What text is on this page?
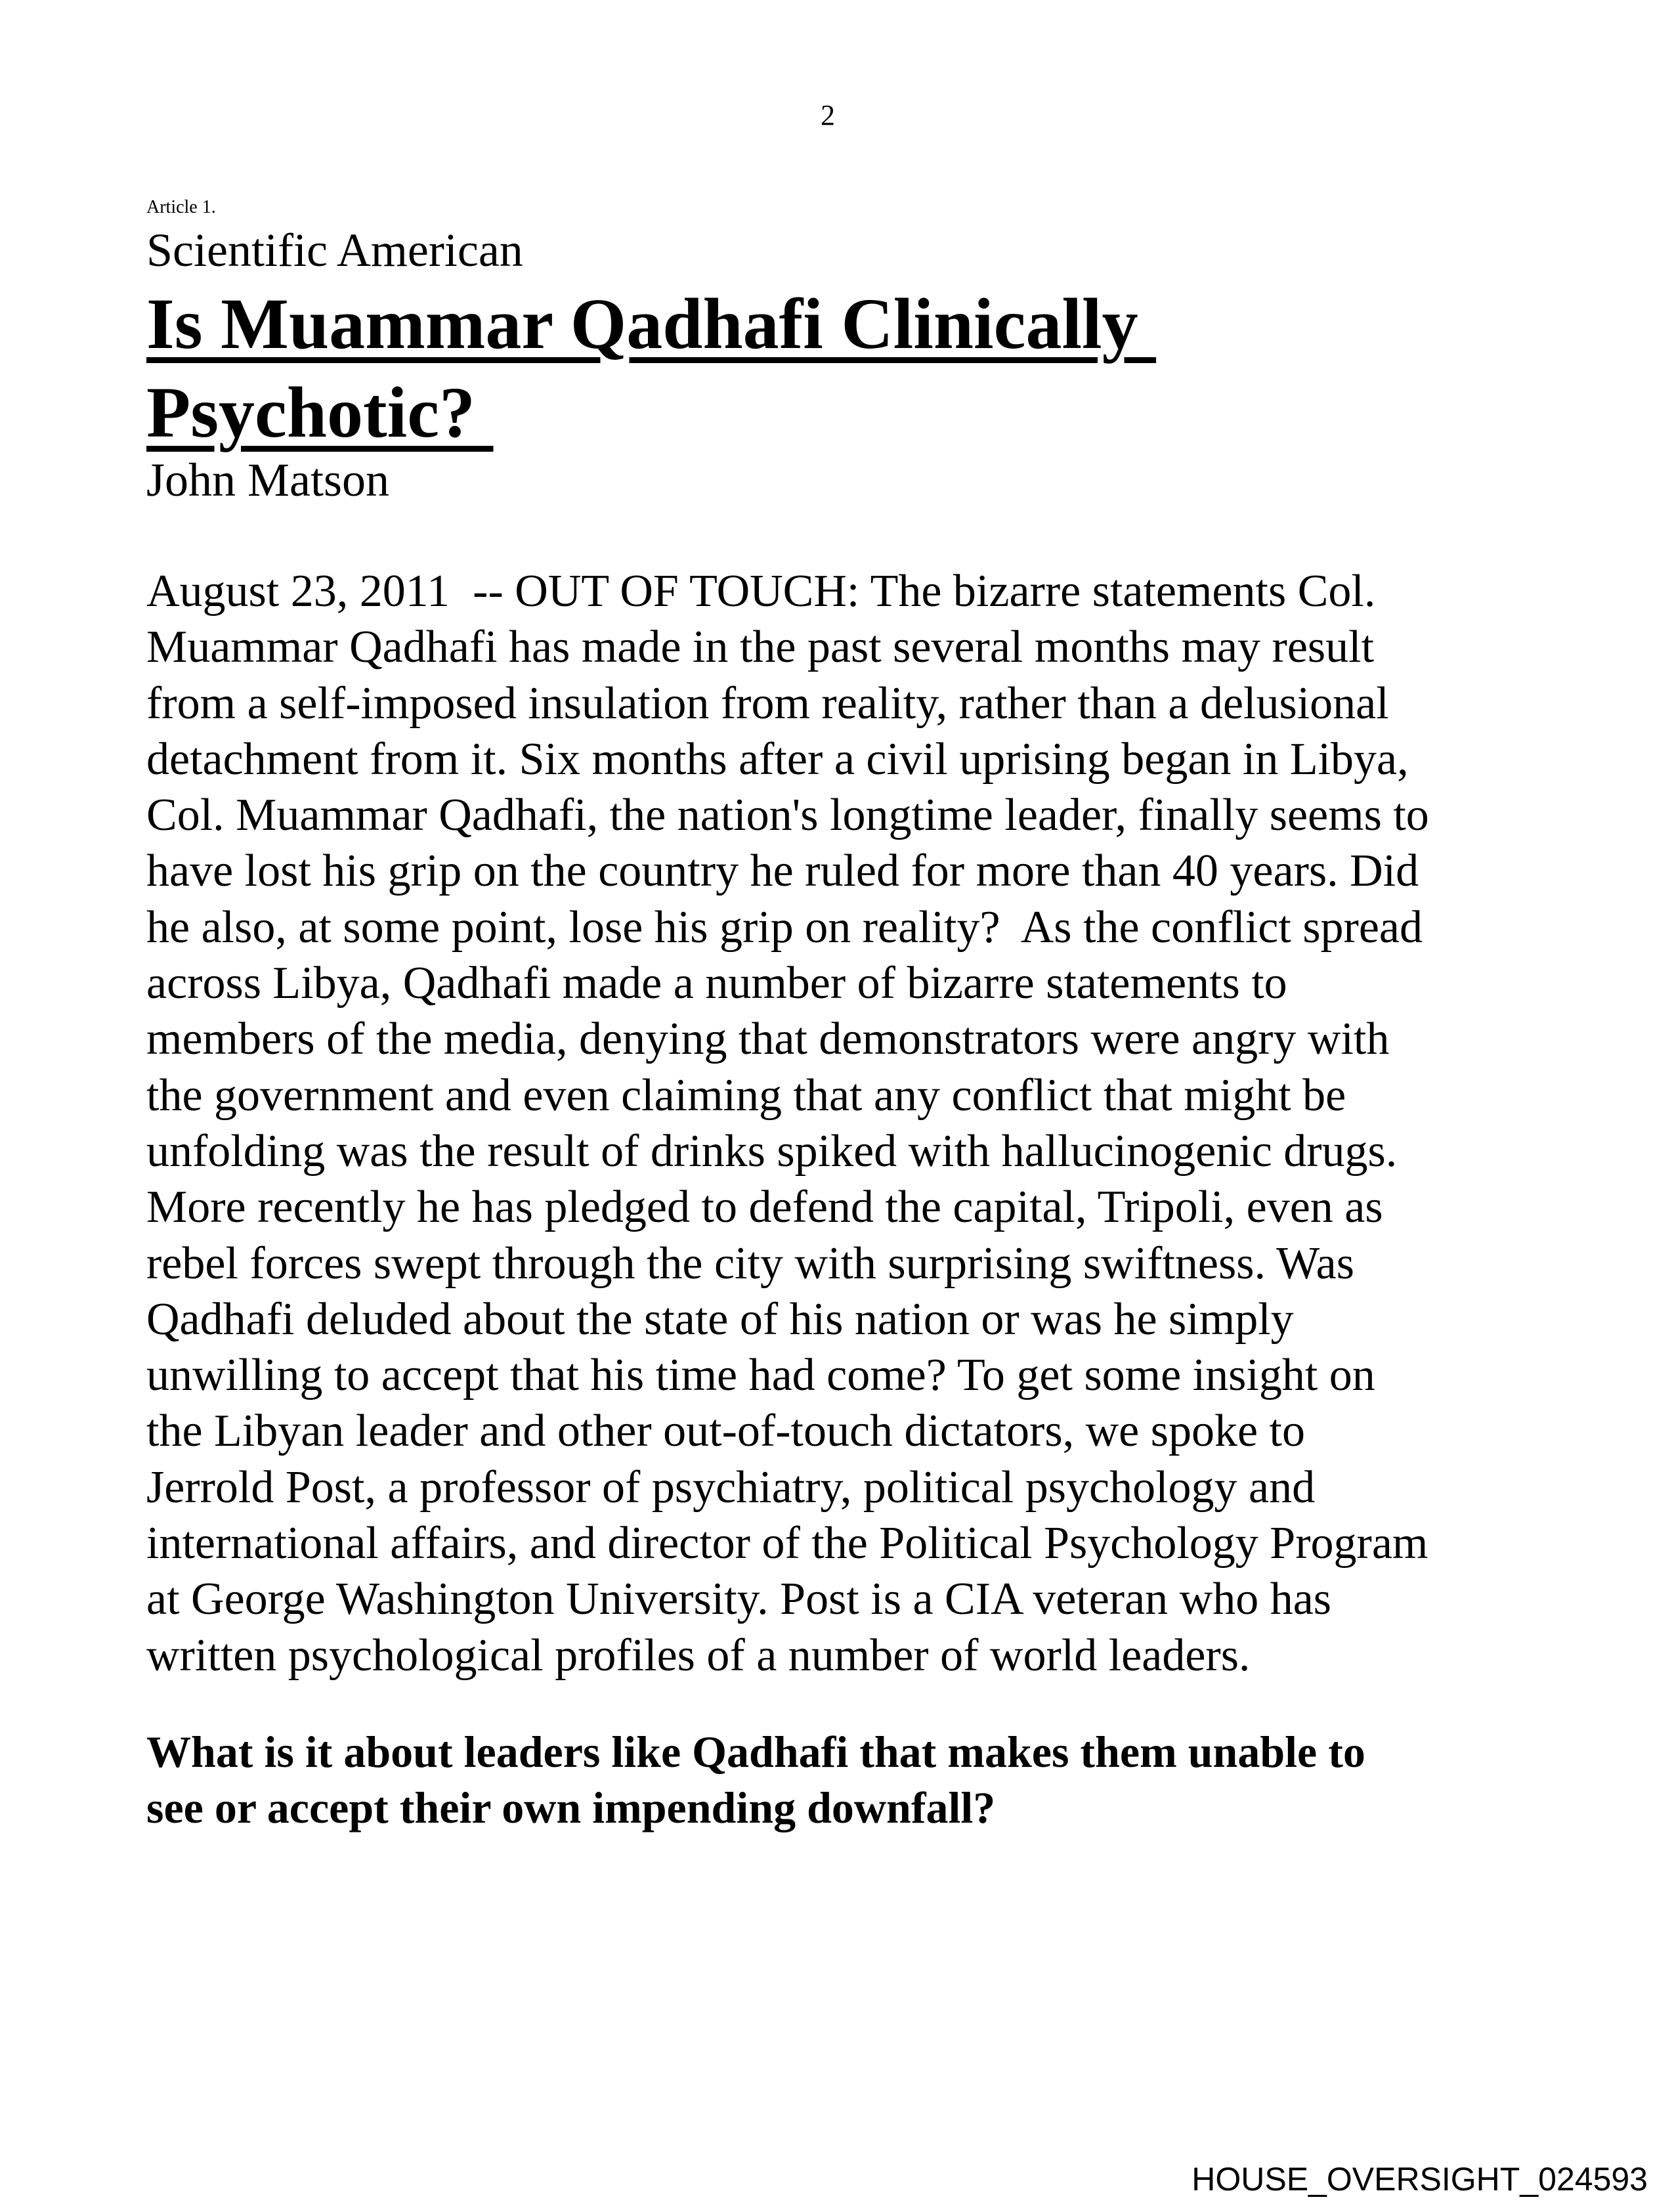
2
Article 1.
Scientific American
Is Muammar Qadhafi Clinically
Psychotic?
John Matson
August 23, 2011  -- OUT OF TOUCH: The bizarre statements Col.
Muammar Qadhafi has made in the past several months may result
from a self-imposed insulation from reality, rather than a delusional
detachment from it. Six months after a civil uprising began in Libya,
Col. Muammar Qadhafi, the nation's longtime leader, finally seems to
have lost his grip on the country he ruled for more than 40 years. Did
he also, at some point, lose his grip on reality?  As the conflict spread
across Libya, Qadhafi made a number of bizarre statements to
members of the media, denying that demonstrators were angry with
the government and even claiming that any conflict that might be
unfolding was the result of drinks spiked with hallucinogenic drugs.
More recently he has pledged to defend the capital, Tripoli, even as
rebel forces swept through the city with surprising swiftness. Was
Qadhafi deluded about the state of his nation or was he simply
unwilling to accept that his time had come? To get some insight on
the Libyan leader and other out-of-touch dictators, we spoke to
Jerrold Post, a professor of psychiatry, political psychology and
international affairs, and director of the Political Psychology Program
at George Washington University. Post is a CIA veteran who has
written psychological profiles of a number of world leaders.
What is it about leaders like Qadhafi that makes them unable to
see or accept their own impending downfall?
HOUSE_OVERSIGHT_024593
